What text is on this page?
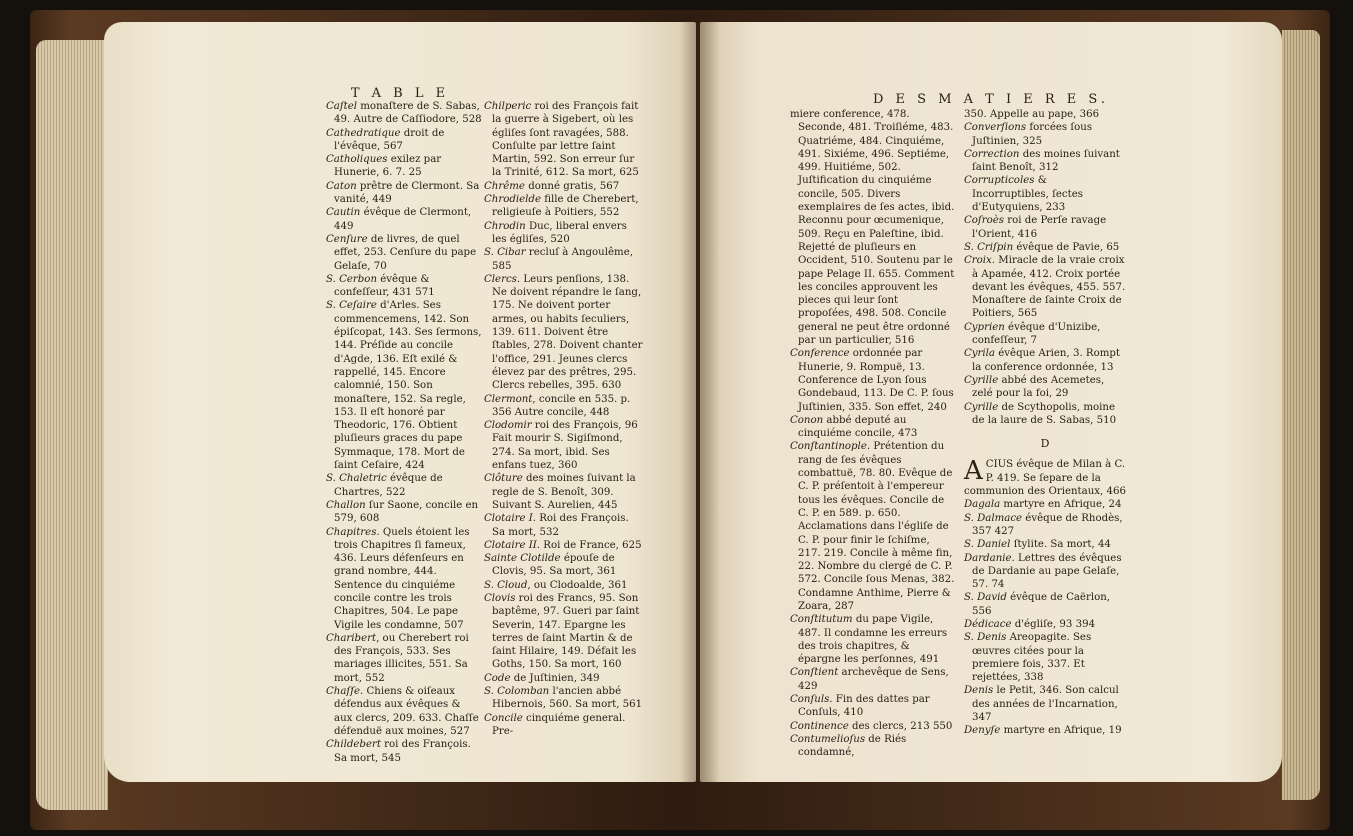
T A B L E
Caſtel monaſtere de S. Sabas, 49. Autre de Caſſiodore, 528
Cathedratique droit de l'évêque, 567
Catholiques exilez par Hunerie, 6. 7. 25
Caton prêtre de Clermont. Sa vanité, 449
Cautin évêque de Clermont, 449
Cenſure de livres, de quel effet, 253. Cenſure du pape Gelaſe, 70
S. Cerbon évêque & confeſſeur, 431 571
S. Ceſaire d'Arles. Ses commencemens, 142. Son épiſcopat, 143. Ses ſermons, 144. Préſide au concile d'Agde, 136. Eſt exilé & rappellé, 145. Encore calomnié, 150. Son monaſtere, 152. Sa regle, 153. Il eſt honoré par Theodoric, 176. Obtient pluſieurs graces du pape Symmaque, 178. Mort de ſaint Ceſaire, 424
S. Chaletric évêque de Chartres, 522
Challon ſur Saone, concile en 579, 608
Chapitres. Quels étoient les trois Chapitres ſi fameux, 436. Leurs défenſeurs en grand nombre, 444. Sentence du cinquiéme concile contre les trois Chapitres, 504. Le pape Vigile les condamne, 507
Charibert, ou Cherebert roi des François, 533. Ses mariages illicites, 551. Sa mort, 552
Chaſſe. Chiens & oiſeaux défendus aux évêques & aux clercs, 209. 633. Chaſſe défenduë aux moines, 527
Childebert roi des François. Sa mort, 545
Chilperic roi des François fait la guerre à Sigebert, où les égliſes ſont ravagées, 588. Conſulte par lettre ſaint Martin, 592. Son erreur ſur la Trinité, 612. Sa mort, 625
Chrême donné gratis, 567
Chrodielde fille de Cherebert, religieuſe à Poitiers, 552
Chrodin Duc, liberal envers les égliſes, 520
S. Cibar recluſ à Angoulême, 585
Clercs. Leurs penſions, 138. Ne doivent répandre le ſang, 175. Ne doivent porter armes, ou habits ſeculiers, 139. 611. Doivent être ſtables, 278. Doivent chanter l'office, 291. Jeunes clercs élevez par des prêtres, 295. Clercs rebelles, 395. 630
Clermont, concile en 535. p. 356 Autre concile, 448
Clodomir roi des François, 96 Fait mourir S. Sigiſmond, 274. Sa mort, ibid. Ses enfans tuez, 360
Clôture des moines ſuivant la regle de S. Benoît, 309. Suivant S. Aurelien, 445
Clotaire I. Roi des François. Sa mort, 532
Clotaire II. Roi de France, 625
Sainte Clotilde épouſe de Clovis, 95. Sa mort, 361
S. Cloud, ou Clodoalde, 361
Clovis roi des Francs, 95. Son baptême, 97. Gueri par ſaint Severin, 147. Epargne les terres de ſaint Martin & de ſaint Hilaire, 149. Défait les Goths, 150. Sa mort, 160
Code de Juſtinien, 349
S. Colomban l'ancien abbé Hibernois, 560. Sa mort, 561
Concile cinquiéme general. Pre-
D E S M A T I E R E S.
miere conference, 478. Seconde, 481. Troiſiéme, 483. Quatriéme, 484. Cinquiéme, 491. Sixiéme, 496. Septiéme, 499. Huitiéme, 502. Juſtification du cinquiéme concile, 505. Divers exemplaires de ſes actes, ibid. Reconnu pour œcumenique, 509. Reçu en Paleſtine, ibid. Rejetté de pluſieurs en Occident, 510. Soutenu par le pape Pelage II. 655. Comment les conciles approuvent les pieces qui leur ſont propoſées, 498. 508. Concile general ne peut être ordonné par un particulier, 516
Conference ordonnée par Hunerie, 9. Rompuë, 13. Conference de Lyon ſous Gondebaud, 113. De C. P. ſous Juſtinien, 335. Son effet, 240
Conon abbé deputé au cinquiéme concile, 473
Conſtantinople. Prétention du rang de ſes évêques combattuë, 78. 80. Evêque de C. P. préſentoit à l'empereur tous les évêques. Concile de C. P. en 589. p. 650. Acclamations dans l'égliſe de C. P. pour finir le ſchiſme, 217. 219. Concile à même fin, 22. Nombre du clergé de C. P. 572. Concile ſous Menas, 382. Condamne Anthime, Pierre & Zoara, 287
Conſtitutum du pape Vigile, 487. Il condamne les erreurs des trois chapitres, & épargne les perſonnes, 491
Conſtient archevêque de Sens, 429
Conſuls. Fin des dattes par Conſuls, 410
Continence des clercs, 213 550
Contumelioſus de Riés condamné,
350. Appelle au pape, 366
Converſions forcées ſous Juſtinien, 325
Correction des moines ſuivant ſaint Benoît, 312
Corrupticoles & Incorruptibles, ſectes d'Eutyquiens, 233
Coſroès roi de Perſe ravage l'Orient, 416
S. Criſpin évêque de Pavie, 65
Croix. Miracle de la vraie croix à Apamée, 412. Croix portée devant les évêques, 455. 557. Monaſtere de ſainte Croix de Poitiers, 565
Cyprien évêque d'Unizibe, confeſſeur, 7
Cyrila évêque Arien, 3. Rompt la conference ordonnée, 13
Cyrille abbé des Acemetes, zelé pour la foi, 29
Cyrille de Scythopolis, moine de la laure de S. Sabas, 510
D
ACIUS évêque de Milan à C. P. 419. Se ſepare de la communion des Orientaux, 466
Dagala martyre en Afrique, 24
S. Dalmace évêque de Rhodès, 357 427
S. Daniel ſtylite. Sa mort, 44
Dardanie. Lettres des évêques de Dardanie au pape Gelaſe, 57. 74
S. David évêque de Caërlon, 556
Dédicace d'égliſe, 93 394
S. Denis Areopagite. Ses œuvres citées pour la premiere fois, 337. Et rejettées, 338
Denis le Petit, 346. Son calcul des années de l'Incarnation, 347
Denyſe martyre en Afrique, 19
